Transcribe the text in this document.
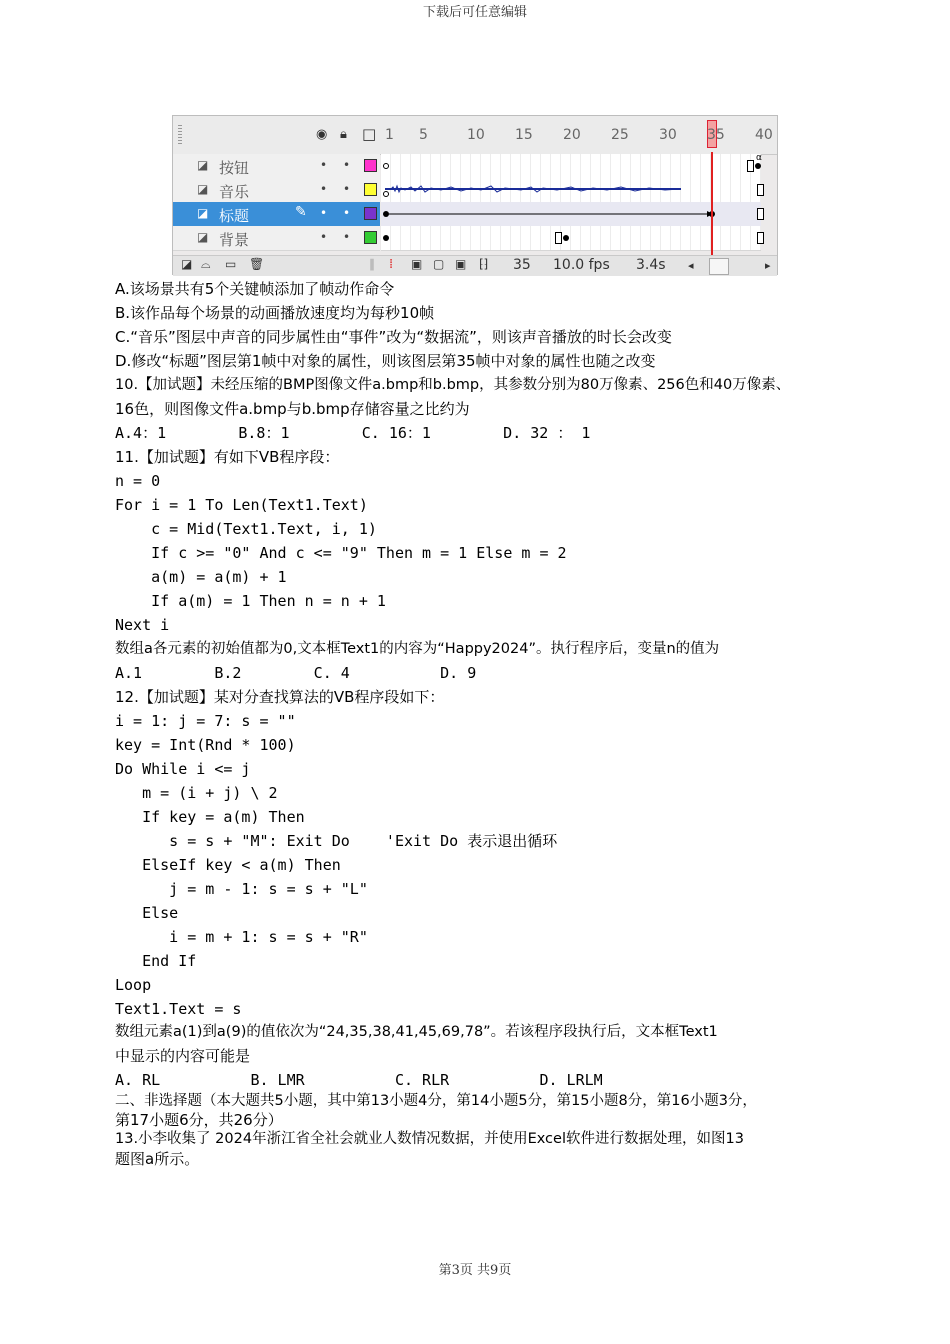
下载后可任意编辑
◉ 🔒︎ □ 1 5	10 15 20 25 30 35 40
◪ 按钮	• •	α
◪ 音乐	• •
◪ 标题	✎ • •
◪ 背景	• •
◪ ⌓ ▭ 🗑︎	∥ ⁞ ▣ ▢ ▣ ⁅⁆ 35 10.0 fps 3.4s ◂	▸
A.该场景共有5个关键帧添加了帧动作命令
B.该作品每个场景的动画播放速度均为每秒10帧
C.“音乐”图层中声音的同步属性由“事件”改为“数据流”，则该声音播放的时长会改变
D.修改“标题”图层第1帧中对象的属性，则该图层第35帧中对象的属性也随之改变
10.【加试题】未经压缩的BMP图像文件a.bmp和b.bmp，其参数分别为80万像素、256色和40万像素、
16色，则图像文件a.bmp与b.bmp存储容量之比约为
A.4：1        B.8：1        C. 16：1        D. 32 ： 1
11.【加试题】有如下VB程序段：
n = 0
For i = 1 To Len(Text1.Text)
c = Mid(Text1.Text, i, 1)
If c >= "0" And c <= "9" Then m = 1 Else m = 2
a(m) = a(m) + 1
If a(m) = 1 Then n = n + 1
Next i
数组a各元素的初始值都为0,文本框Text1的内容为“Happy2024”。执行程序后，变量n的值为
A.1        B.2        C. 4          D. 9
12.【加试题】某对分查找算法的VB程序段如下：
i = 1: j = 7: s = ""
key = Int(Rnd * 100)
Do While i <= j
m = (i + j) \ 2
If key = a(m) Then
s = s + "M": Exit Do    'Exit Do 表示退出循环
ElseIf key < a(m) Then
j = m - 1: s = s + "L"
Else
i = m + 1: s = s + "R"
End If
Loop
Text1.Text = s
数组元素a(1)到a(9)的值依次为“24,35,38,41,45,69,78”。若该程序段执行后，文本框Text1
中显示的内容可能是
A. RL          B. LMR          C. RLR          D. LRLM
二、非选择题（本大题共5小题，其中第13小题4分，第14小题5分，第15小题8分，第16小题3分，
第17小题6分，共26分）
13.小李收集了 2024年浙江省全社会就业人数情况数据，并使用Excel软件进行数据处理，如图13
题图a所示。
第3页 共9页
